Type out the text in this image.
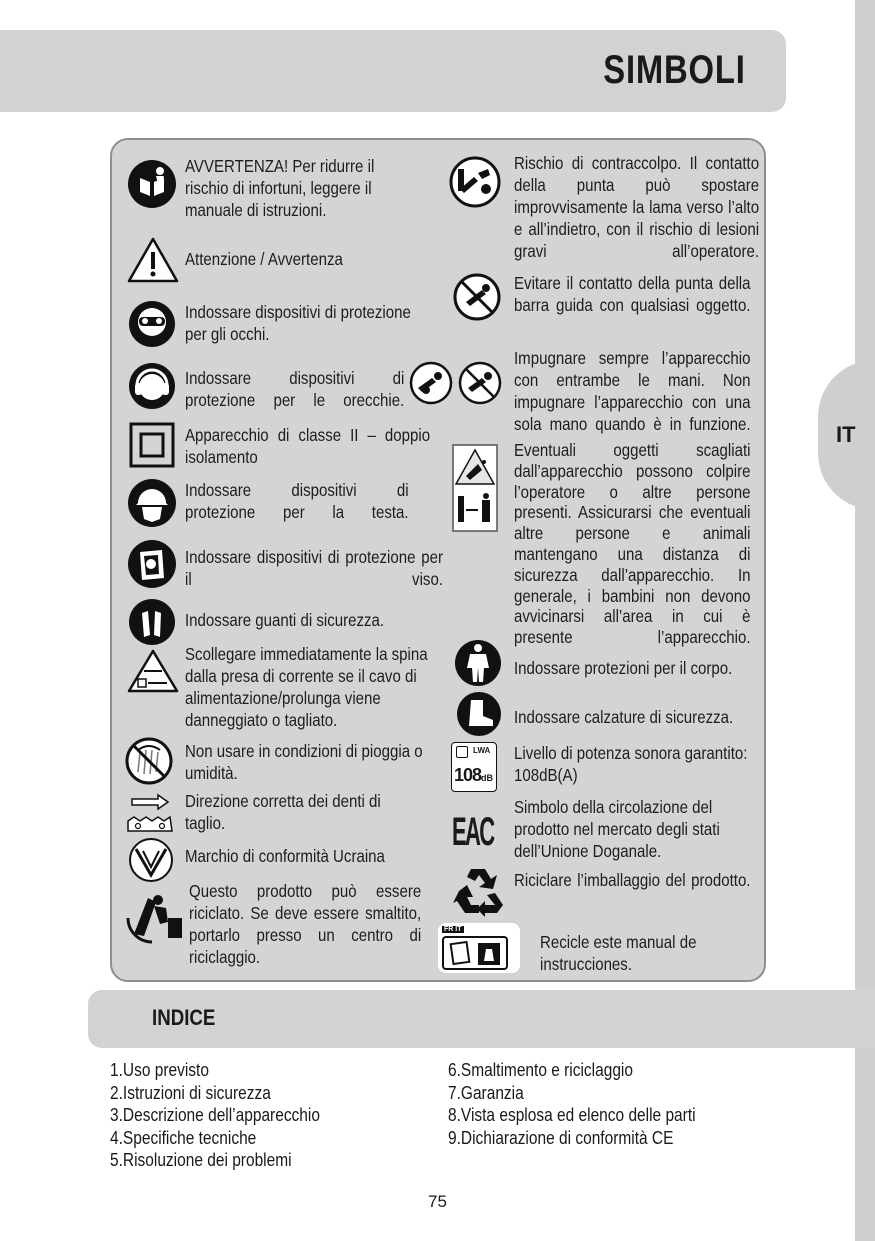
SIMBOLI
IT
AVVERTENZA! Per ridurre il rischio di infortuni, leggere il manuale di istruzioni.
Attenzione / Avvertenza
Indossare dispositivi di protezione per gli occhi.
Indossare dispositivi di protezione per le orecchie.
Apparecchio di classe II – doppio isolamento
Indossare dispositivi di protezione per la testa.
Indossare dispositivi di protezione per il viso.
Indossare guanti di sicurezza.
Scollegare immediatamente la spina dalla presa di corrente se il cavo di alimentazione/prolunga viene danneggiato o tagliato.
Non usare in condizioni di pioggia o umidità.
Direzione corretta dei denti di taglio.
Marchio di conformità Ucraina
Questo prodotto può essere riciclato. Se deve essere smaltito, portarlo presso un centro di riciclaggio.
Rischio di contraccolpo. Il contatto della punta può spostare improvvisamente la lama verso l’alto e all’indietro, con il rischio di lesioni gravi all’operatore.
Evitare il contatto della punta della barra guida con qualsiasi oggetto.
Impugnare sempre l’apparecchio con entrambe le mani. Non impugnare l’apparecchio con una sola mano quando è in funzione.
Eventuali oggetti scagliati dall’apparecchio possono colpire l’operatore o altre persone presenti. Assicurarsi che eventuali altre persone e animali mantengano una distanza di sicurezza dall’apparecchio. In generale, i bambini non devono avvicinarsi all’area in cui è presente l’apparecchio.
Indossare protezioni per il corpo.
Indossare calzature di sicurezza.
LWA
108dB
Livello di potenza sonora garantito: 108dB(A)
EAC
Simbolo della circolazione del prodotto nel mercato degli stati dell’Unione Doganale.
Riciclare l’imballaggio del prodotto.
FR IT
Recicle este manual de instrucciones.
INDICE
1.Uso previsto
2.Istruzioni di sicurezza
3.Descrizione dell’apparecchio
4.Specifiche tecniche
5.Risoluzione dei problemi
6.Smaltimento e riciclaggio
7.Garanzia
8.Vista esplosa ed elenco delle parti
9.Dichiarazione di conformità CE
75
